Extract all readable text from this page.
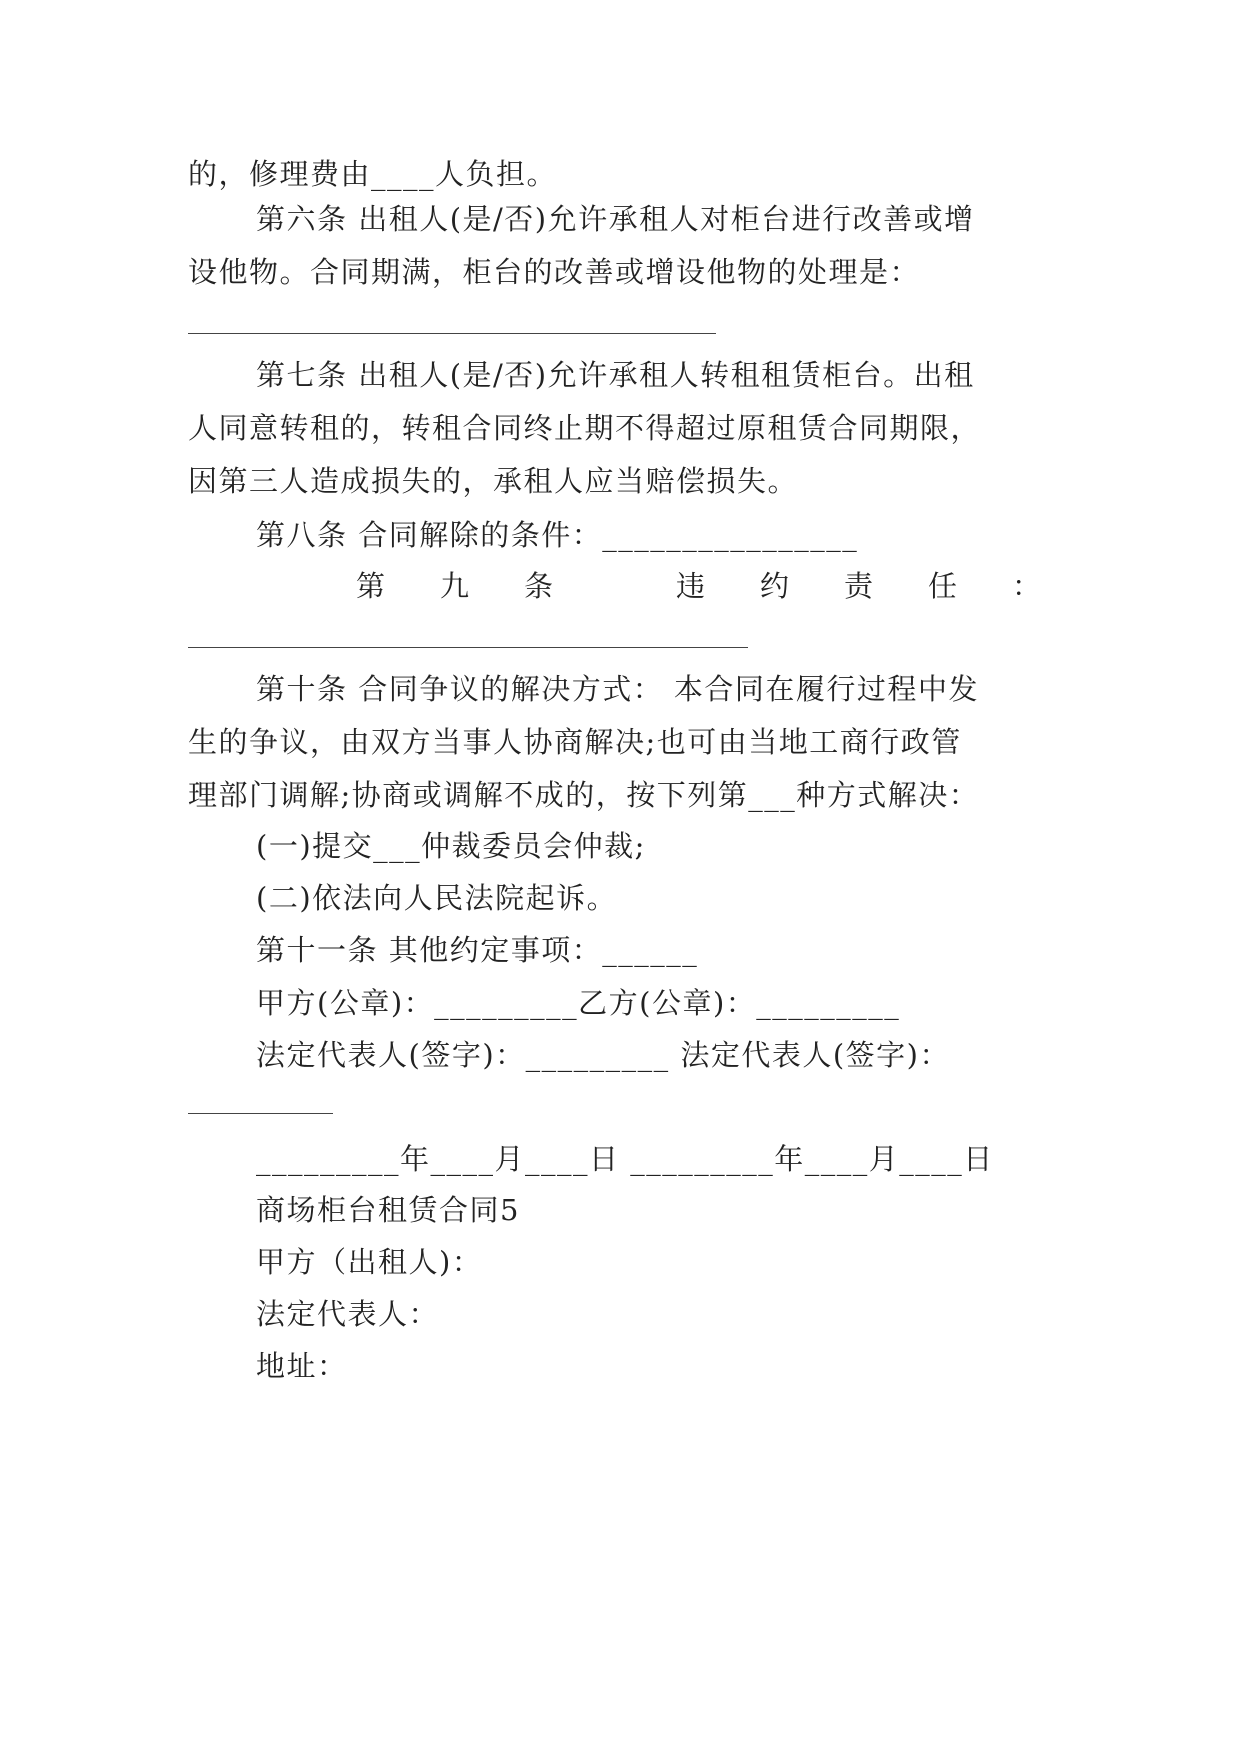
的，修理费由____人负担。
第六条 出租人(是/否)允许承租人对柜台进行改善或增
设他物。合同期满，柜台的改善或增设他物的处理是：
第七条 出租人(是/否)允许承租人转租租赁柜台。出租
人同意转租的，转租合同终止期不得超过原租赁合同期限，
因第三人造成损失的，承租人应当赔偿损失。
第八条 合同解除的条件：________________
第 九 条	违 约 责 任 ：
第十条 合同争议的解决方式： 本合同在履行过程中发
生的争议，由双方当事人协商解决;也可由当地工商行政管
理部门调解;协商或调解不成的，按下列第___种方式解决：
(一)提交___仲裁委员会仲裁;
(二)依法向人民法院起诉。
第十一条 其他约定事项：______
甲方(公章)：_________乙方(公章)：_________
法定代表人(签字)：_________ 法定代表人(签字)：
_________年____月____日 _________年____月____日
商场柜台租赁合同5
甲方（出租人)：
法定代表人：
地址：
